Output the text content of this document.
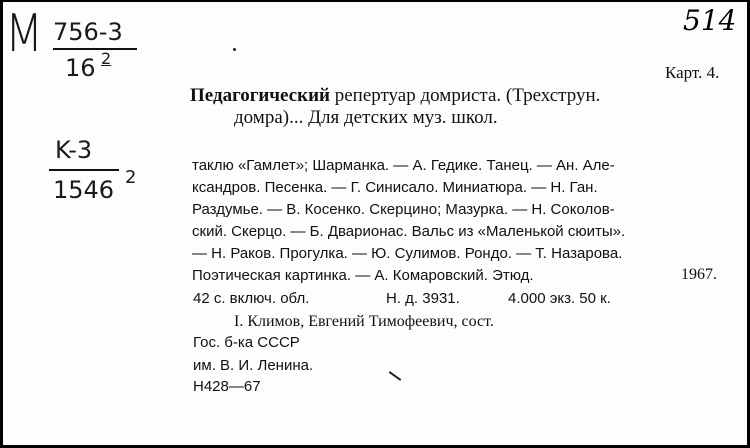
M 756-3
16 2
K-3
1546 2
514
Карт. 4.
Педагогический репертуар домриста. (Трехструн.
домра)... Для детских муз. школ.
таклю «Гамлет»; Шарманка. — А. Гедике. Танец. — Ан. Але-
ксандров. Песенка. — Г. Синисало. Миниатюра. — Н. Ган.
Раздумье. — В. Косенко. Скерцино; Мазурка. — Н. Соколов-
ский. Скерцо. — Б. Дварионас. Вальс из «Маленькой сюиты».
— Н. Раков. Прогулка. — Ю. Сулимов. Рондо. — Т. Назарова.
Поэтическая картинка. — А. Комаровский. Этюд.	1967.
42 с. включ. обл.	Н. д. 3931.	4.000 экз. 50 к.
I. Климов, Евгений Тимофеевич, сост.
Гос. б-ка СССР
им. В. И. Ленина.
Н428—67
